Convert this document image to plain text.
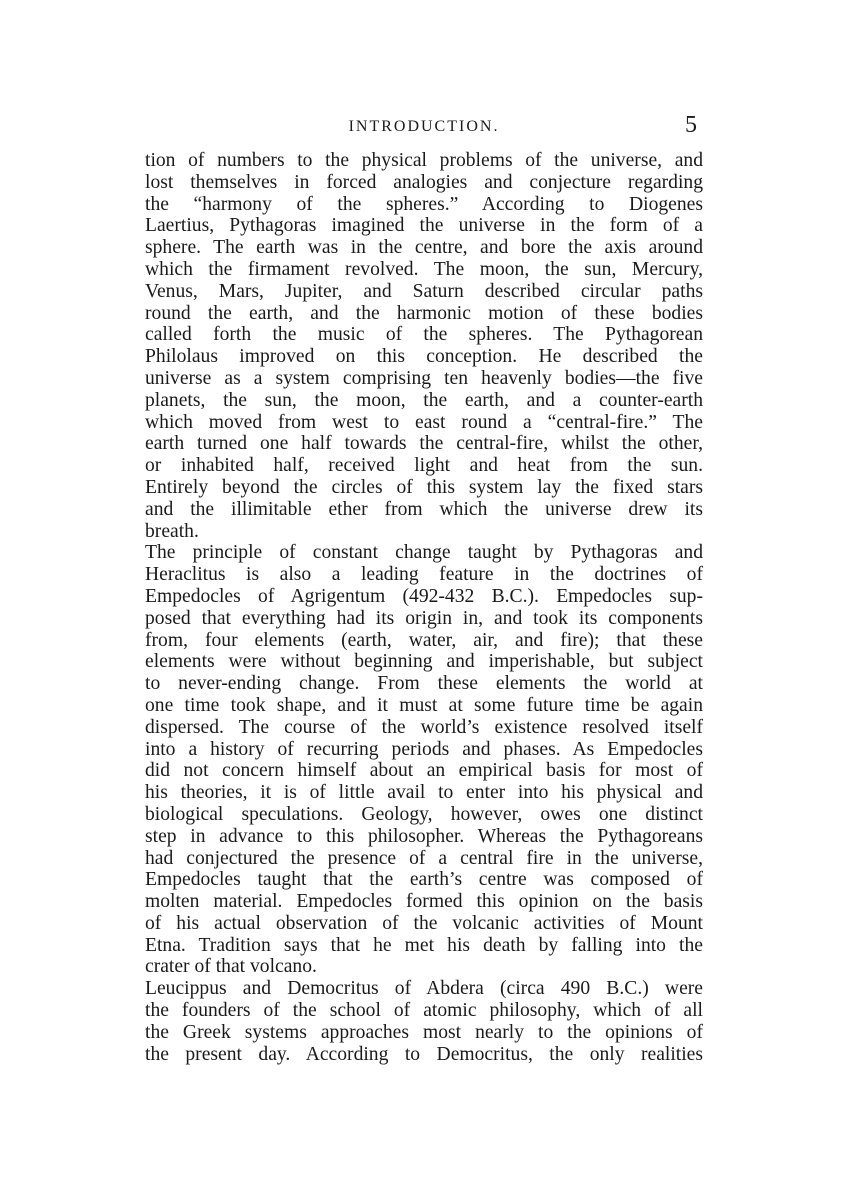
INTRODUCTION.	5
tion of numbers to the physical problems of the universe, and
lost themselves in forced analogies and conjecture regarding
the “harmony of the spheres.” According to Diogenes
Laertius, Pythagoras imagined the universe in the form of a
sphere. The earth was in the centre, and bore the axis around
which the firmament revolved. The moon, the sun, Mercury,
Venus, Mars, Jupiter, and Saturn described circular paths
round the earth, and the harmonic motion of these bodies
called forth the music of the spheres. The Pythagorean
Philolaus improved on this conception. He described the
universe as a system comprising ten heavenly bodies—the five
planets, the sun, the moon, the earth, and a counter-earth
which moved from west to east round a “central-fire.” The
earth turned one half towards the central-fire, whilst the other,
or inhabited half, received light and heat from the sun.
Entirely beyond the circles of this system lay the fixed stars
and the illimitable ether from which the universe drew its
breath.
The principle of constant change taught by Pythagoras and
Heraclitus is also a leading feature in the doctrines of
Empedocles of Agrigentum (492-432 B.C.). Empedocles sup-
posed that everything had its origin in, and took its components
from, four elements (earth, water, air, and fire); that these
elements were without beginning and imperishable, but subject
to never-ending change. From these elements the world at
one time took shape, and it must at some future time be again
dispersed. The course of the world’s existence resolved itself
into a history of recurring periods and phases. As Empedocles
did not concern himself about an empirical basis for most of
his theories, it is of little avail to enter into his physical and
biological speculations. Geology, however, owes one distinct
step in advance to this philosopher. Whereas the Pythagoreans
had conjectured the presence of a central fire in the universe,
Empedocles taught that the earth’s centre was composed of
molten material. Empedocles formed this opinion on the basis
of his actual observation of the volcanic activities of Mount
Etna. Tradition says that he met his death by falling into the
crater of that volcano.
Leucippus and Democritus of Abdera (circa 490 B.C.) were
the founders of the school of atomic philosophy, which of all
the Greek systems approaches most nearly to the opinions of
the present day. According to Democritus, the only realities
